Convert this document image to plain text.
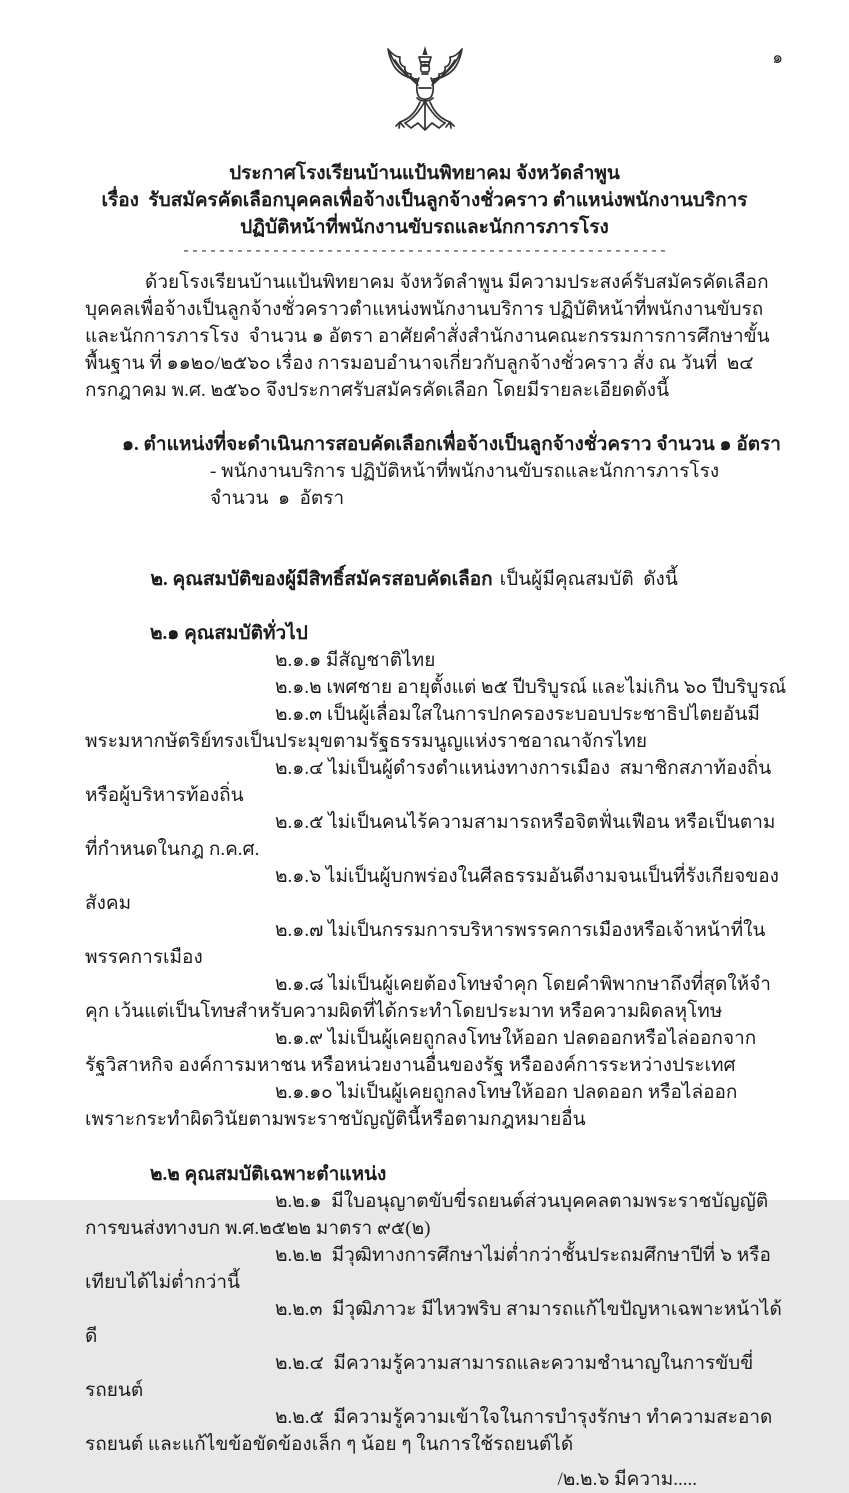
๑
ประกาศโรงเรียนบ้านแป้นพิทยาคม จังหวัดลำพูน
เรื่อง  รับสมัครคัดเลือกบุคคลเพื่อจ้างเป็นลูกจ้างชั่วคราว ตำแหน่งพนักงานบริการ
ปฏิบัติหน้าที่พนักงานขับรถและนักการภารโรง
------------------------------------------------------

ด้วยโรงเรียนบ้านแป้นพิทยาคม จังหวัดลำพูน มีความประสงค์รับสมัครคัดเลือกบุคคลเพื่อจ้างเป็นลูกจ้างชั่วคราวตำแหน่งพนักงานบริการ ปฏิบัติหน้าที่พนักงานขับรถและนักการภารโรง  จำนวน ๑ อัตรา อาศัยคำสั่งสำนักงานคณะกรรมการการศึกษาขั้นพื้นฐาน ที่ ๑๑๒๐/๒๕๖๐ เรื่อง การมอบอำนาจเกี่ยวกับลูกจ้างชั่วคราว สั่ง ณ วันที่  ๒๔ กรกฎาคม พ.ศ. ๒๕๖๐ จึงประกาศรับสมัครคัดเลือก โดยมีรายละเอียดดังนี้

๑. ตำแหน่งที่จะดำเนินการสอบคัดเลือกเพื่อจ้างเป็นลูกจ้างชั่วคราว จำนวน ๑ อัตรา
- พนักงานบริการ ปฏิบัติหน้าที่พนักงานขับรถและนักการภารโรง  จำนวน  ๑  อัตรา

๒. คุณสมบัติของผู้มีสิทธิ์สมัครสอบคัดเลือก เป็นผู้มีคุณสมบัติ  ดังนี้

๒.๑ คุณสมบัติทั่วไป
๒.๑.๑ มีสัญชาติไทย
๒.๑.๒ เพศชาย อายุตั้งแต่ ๒๕ ปีบริบูรณ์ และไม่เกิน ๖๐ ปีบริบูรณ์
๒.๑.๓ เป็นผู้เลื่อมใสในการปกครองระบอบประชาธิปไตยอันมีพระมหากษัตริย์ทรงเป็นประมุขตามรัฐธรรมนูญแห่งราชอาณาจักรไทย
๒.๑.๔ ไม่เป็นผู้ดำรงตำแหน่งทางการเมือง  สมาชิกสภาท้องถิ่นหรือผู้บริหารท้องถิ่น
๒.๑.๕ ไม่เป็นคนไร้ความสามารถหรือจิตฟั่นเฟือน หรือเป็นตามที่กำหนดในกฎ ก.ค.ศ.
๒.๑.๖ ไม่เป็นผู้บกพร่องในศีลธรรมอันดีงามจนเป็นที่รังเกียจของสังคม
๒.๑.๗ ไม่เป็นกรรมการบริหารพรรคการเมืองหรือเจ้าหน้าที่ในพรรคการเมือง
๒.๑.๘ ไม่เป็นผู้เคยต้องโทษจำคุก โดยคำพิพากษาถึงที่สุดให้จำคุก เว้นแต่เป็นโทษสำหรับความผิดที่ได้กระทำโดยประมาท หรือความผิดลหุโทษ
๒.๑.๙ ไม่เป็นผู้เคยถูกลงโทษให้ออก ปลดออกหรือไล่ออกจากรัฐวิสาหกิจ องค์การมหาชน หรือหน่วยงานอื่นของรัฐ หรือองค์การระหว่างประเทศ
๒.๑.๑๐ ไม่เป็นผู้เคยถูกลงโทษให้ออก ปลดออก หรือไล่ออกเพราะกระทำผิดวินัยตามพระราชบัญญัตินี้หรือตามกฎหมายอื่น
๒.๒ คุณสมบัติเฉพาะตำแหน่ง
๒.๒.๑  มีใบอนุญาตขับขี่รถยนต์ส่วนบุคคลตามพระราชบัญญัติการขนส่งทางบก พ.ศ.๒๕๒๒ มาตรา ๙๕(๒)
๒.๒.๒  มีวุฒิทางการศึกษาไม่ต่ำกว่าชั้นประถมศึกษาปีที่ ๖ หรือเทียบได้ไม่ต่ำกว่านี้
๒.๒.๓  มีวุฒิภาวะ มีไหวพริบ สามารถแก้ไขปัญหาเฉพาะหน้าได้ดี
๒.๒.๔  มีความรู้ความสามารถและความชำนาญในการขับขี่รถยนต์
๒.๒.๕  มีความรู้ความเข้าใจในการบำรุงรักษา ทำความสะอาดรถยนต์ และแก้ไขข้อขัดข้องเล็ก ๆ น้อย ๆ ในการใช้รถยนต์ได้
/๒.๒.๖ มีความ.....
